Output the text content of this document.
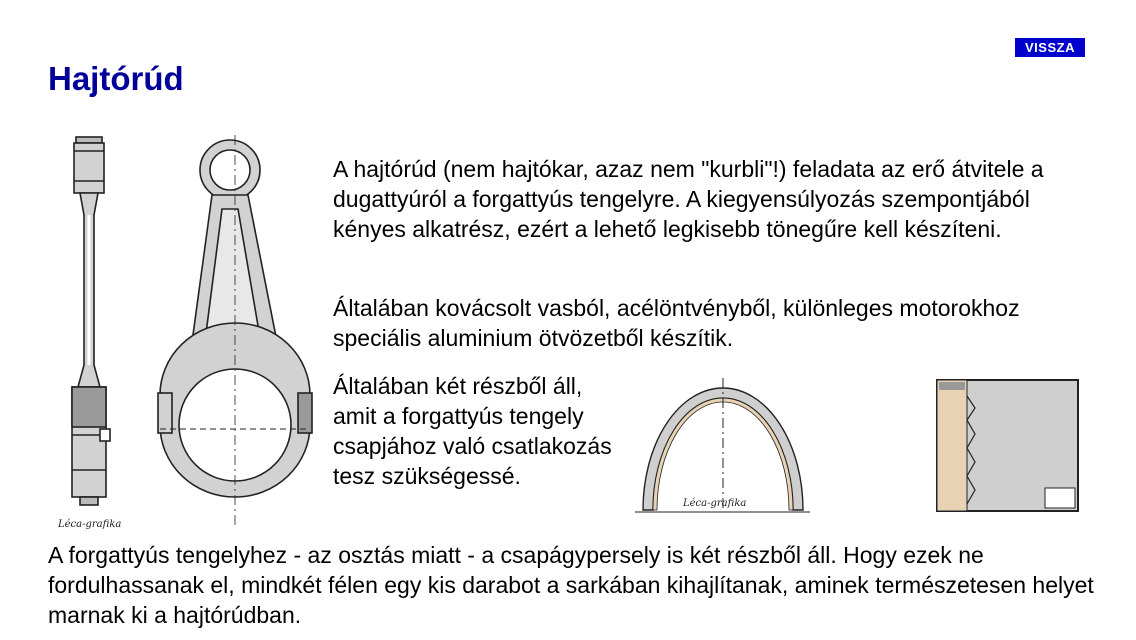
VISSZA
Hajtórúd
Léca-grafika

A hajtórúd (nem hajtókar, azaz nem "kurbli"!) feladata az erő átvitele a dugattyúról a forgattyús tengelyre. A kiegyensúlyozás szempontjából kényes alkatrész, ezért a lehető legkisebb tönegűre kell készíteni.

Általában kovácsolt vasból, acélöntvényből, különleges motorokhoz speciális aluminium ötvözetből készítik.

Általában két részből áll, amit a forgattyús tengely csapjához való csatlakozás tesz szükségessé.

Léca-grafika

A forgattyús tengelyhez - az osztás miatt - a csapágypersely is két részből áll. Hogy ezek ne fordulhassanak el, mindkét félen egy kis darabot a sarkában kihajlítanak, aminek természetesen helyet marnak ki a hajtórúdban.
